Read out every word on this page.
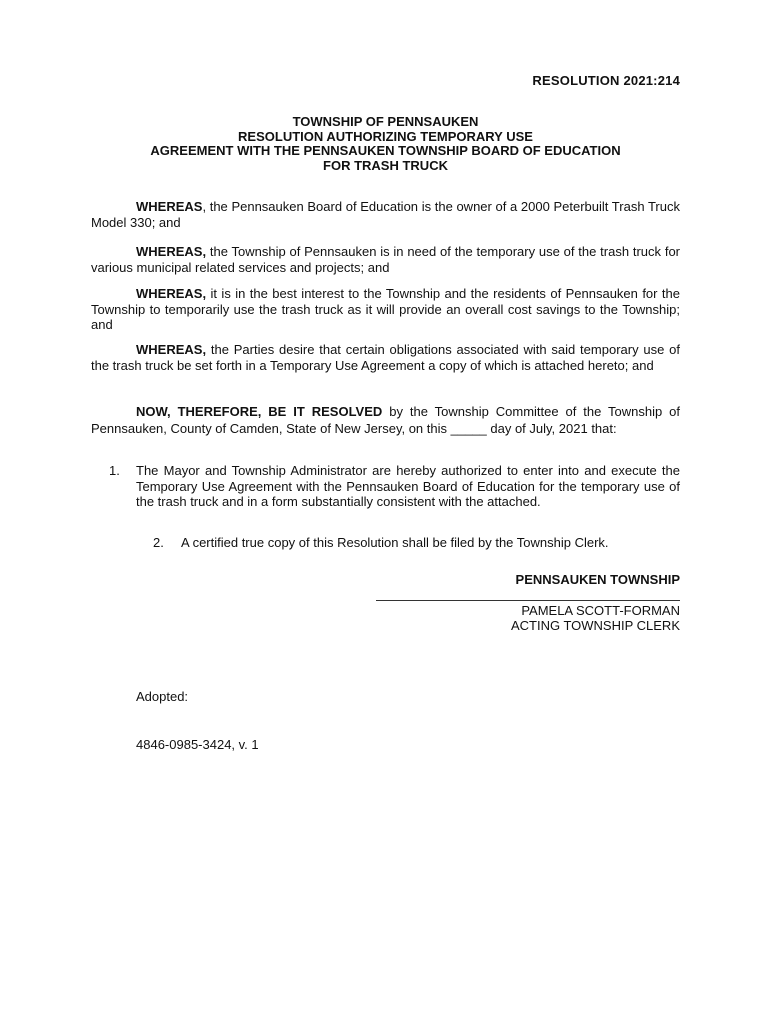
RESOLUTION 2021:214
TOWNSHIP OF PENNSAUKEN
RESOLUTION AUTHORIZING TEMPORARY USE
AGREEMENT WITH THE PENNSAUKEN TOWNSHIP BOARD OF EDUCATION
FOR TRASH TRUCK
WHEREAS, the Pennsauken Board of Education is the owner of a 2000 Peterbuilt Trash Truck Model 330; and
WHEREAS, the Township of Pennsauken is in need of the temporary use of the trash truck for various municipal related services and projects; and
WHEREAS, it is in the best interest to the Township and the residents of Pennsauken for the Township to temporarily use the trash truck as it will provide an overall cost savings to the Township; and
WHEREAS, the Parties desire that certain obligations associated with said temporary use of the trash truck be set forth in a Temporary Use Agreement a copy of which is attached hereto; and
NOW, THEREFORE, BE IT RESOLVED by the Township Committee of the Township of Pennsauken, County of Camden, State of New Jersey, on this _____ day of July, 2021 that:
1. The Mayor and Township Administrator are hereby authorized to enter into and execute the Temporary Use Agreement with the Pennsauken Board of Education for the temporary use of the trash truck and in a form substantially consistent with the attached.
2. A certified true copy of this Resolution shall be filed by the Township Clerk.
PENNSAUKEN TOWNSHIP
PAMELA SCOTT-FORMAN
ACTING TOWNSHIP CLERK
Adopted:
4846-0985-3424, v. 1
